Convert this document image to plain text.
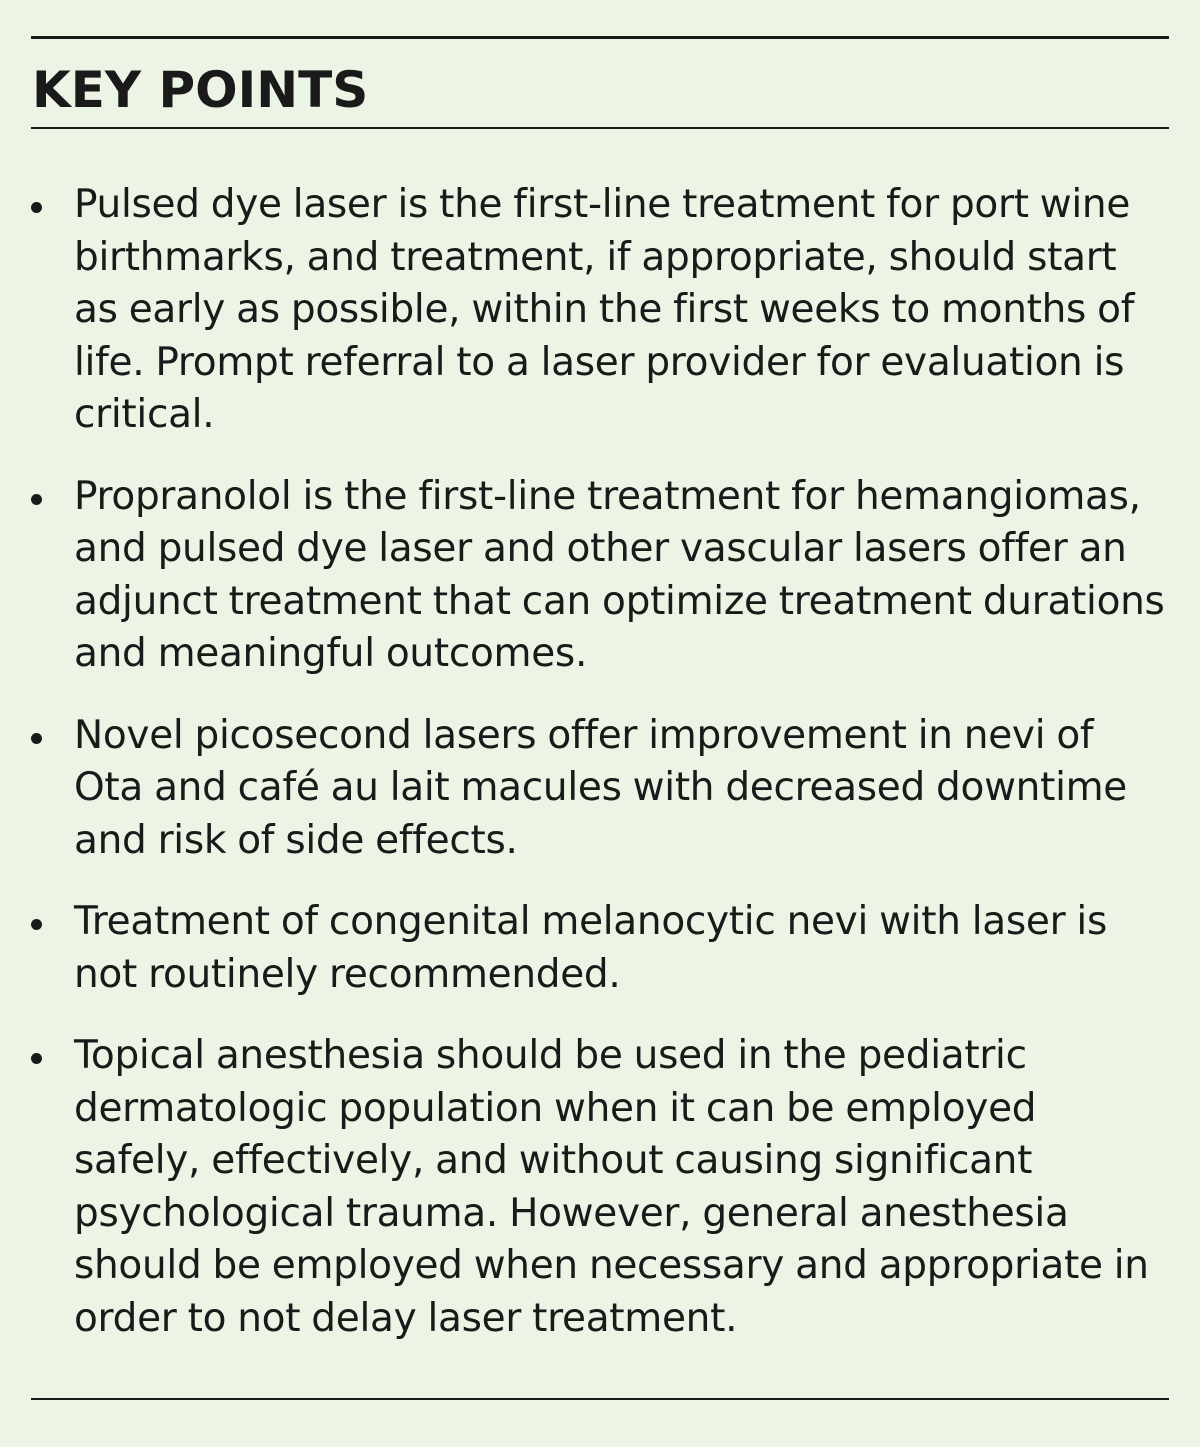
KEY POINTS
Pulsed dye laser is the first-line treatment for port wine birthmarks, and treatment, if appropriate, should start as early as possible, within the first weeks to months of life. Prompt referral to a laser provider for evaluation is critical.
Propranolol is the first-line treatment for hemangiomas, and pulsed dye laser and other vascular lasers offer an adjunct treatment that can optimize treatment durations and meaningful outcomes.
Novel picosecond lasers offer improvement in nevi of Ota and café au lait macules with decreased downtime and risk of side effects.
Treatment of congenital melanocytic nevi with laser is not routinely recommended.
Topical anesthesia should be used in the pediatric dermatologic population when it can be employed safely, effectively, and without causing significant psychological trauma. However, general anesthesia should be employed when necessary and appropriate in order to not delay laser treatment.
